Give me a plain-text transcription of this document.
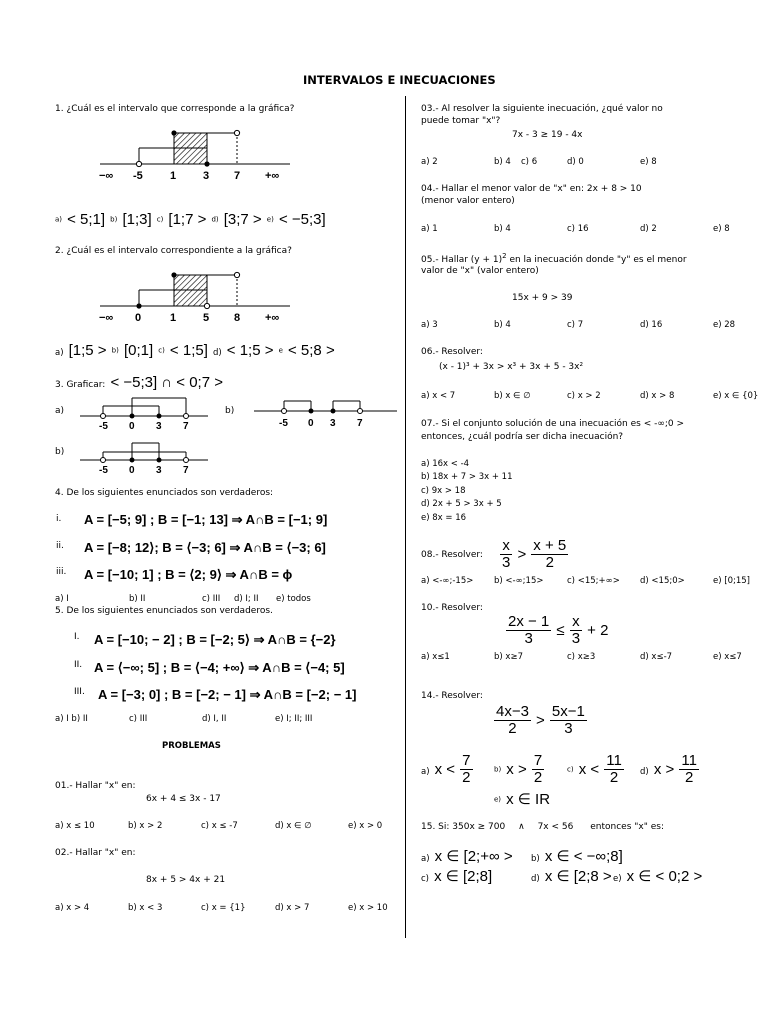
INTERVALOS E INECUACIONES
1. ¿Cuál es el intervalo que corresponde a la gráfica?
−∞ -5 1 3 7 +∞
a) < 5;1] b) [1;3] c) [1;7 > d) [3;7 > e) < −5;3]
2. ¿Cuál es el intervalo correspondiente a la gráfica?
−∞ 0	1 5 8 +∞
a) [1;5 > b) [0;1] c) < 1;5] d) < 1;5 > e < 5;8 >
3. Graficar: < −5;3] ∩ < 0;7 >
a)
-5 0 3 7
b)
-5 0 3 7
b)
-5 0 3 7
4. De los siguientes enunciados son verdaderos:
i. A = [−5; 9] ; B = [−1; 13] ⇒ A∩B = [−1; 9]
ii. A = [−8; 12⟩; B = ⟨−3; 6] ⇒ A∩B = ⟨−3; 6]
iii. A = [−10; 1] ; B = ⟨2; 9⟩ ⇒ A∩B = ϕ
a) I	b) II	c) III d) I; II e) todos
5. De los siguientes enunciados son verdaderos.
I. A = [−10; − 2] ; B = [−2; 5⟩ ⇒ A∩B = {−2}
II. A = ⟨−∞; 5] ; B = ⟨−4; +∞⟩ ⇒ A∩B = ⟨−4; 5]
III. A = [−3; 0] ; B = [−2; − 1] ⇒ A∩B = [−2; − 1]
a) I b) II	c) III	d) I, II	e) I; II; III
PROBLEMAS
01.- Hallar "x" en:
6x + 4 ≤ 3x - 17
a) x ≤ 10	b) x > 2	c) x ≤ -7	d) x ∈ ∅	e) x > 0
02.- Hallar "x" en:
8x + 5 > 4x + 21
a) x > 4	b) x < 3	c) x = {1}	d) x > 7	e) x > 10
03.- Al resolver la siguiente inecuación, ¿qué valor no
puede tomar "x"?
7x - 3 ≥ 19 - 4x
a) 2	b) 4 c) 6	d) 0	e) 8
04.- Hallar el menor valor de "x" en: 2x + 8 > 10
(menor valor entero)
a) 1	b) 4	c) 16	d) 2	e) 8
05.- Hallar $(y + 1)^2$ en la inecuación donde "y" es el menor
valor de "x" (valor entero)
15x + 9 > 39
a) 3	b) 4	c) 7	d) 16	e) 28
06.- Resolver:
(x - 1)³ + 3x > x³ + 3x + 5 - 3x²
a) x < 7	b) x ∈ ∅	c) x > 2	d) x > 8	e) x ∈ {0}
07.- Si el conjunto solución de una inecuación es < -∞;0 >
entonces, ¿cuál podría ser dicha inecuación?
a) 16x < -4
b) 18x + 7 > 3x + 11
c) 9x > 18
d) 2x + 5 > 3x + 5
e) 8x = 16
08.- Resolver: $\frac{x}{3} > \frac{x + 5}{2}$
a) <-∞;-15> b) <-∞;15>	c) <15;+∞> d) <15;0>	e) [0;15]
10.- Resolver:
$\frac{2x - 1}{3} \le \frac{x}{3} + 2$
a) x≤1	b) x≥7	c) x≥3	d) x≤-7	e) x≤7
14.- Resolver:
$\frac{4x-3}{2} > \frac{5x-1}{3}$
a) $x < \frac{7}{2}$	b) $x > \frac{7}{2}$	c) $x < \frac{11}{2} d$) $x > \frac{11}{2}$
e) x ∈ IR
15. Si: 350x ≥ 700 ∧ 7x < 56 entonces "x" es:
a) x ∈ [2;+∞ > b) x ∈ < −∞;8]
c) x ∈ [2;8]	d) x ∈ [2;8 > e) x ∈ < 0;2 >
